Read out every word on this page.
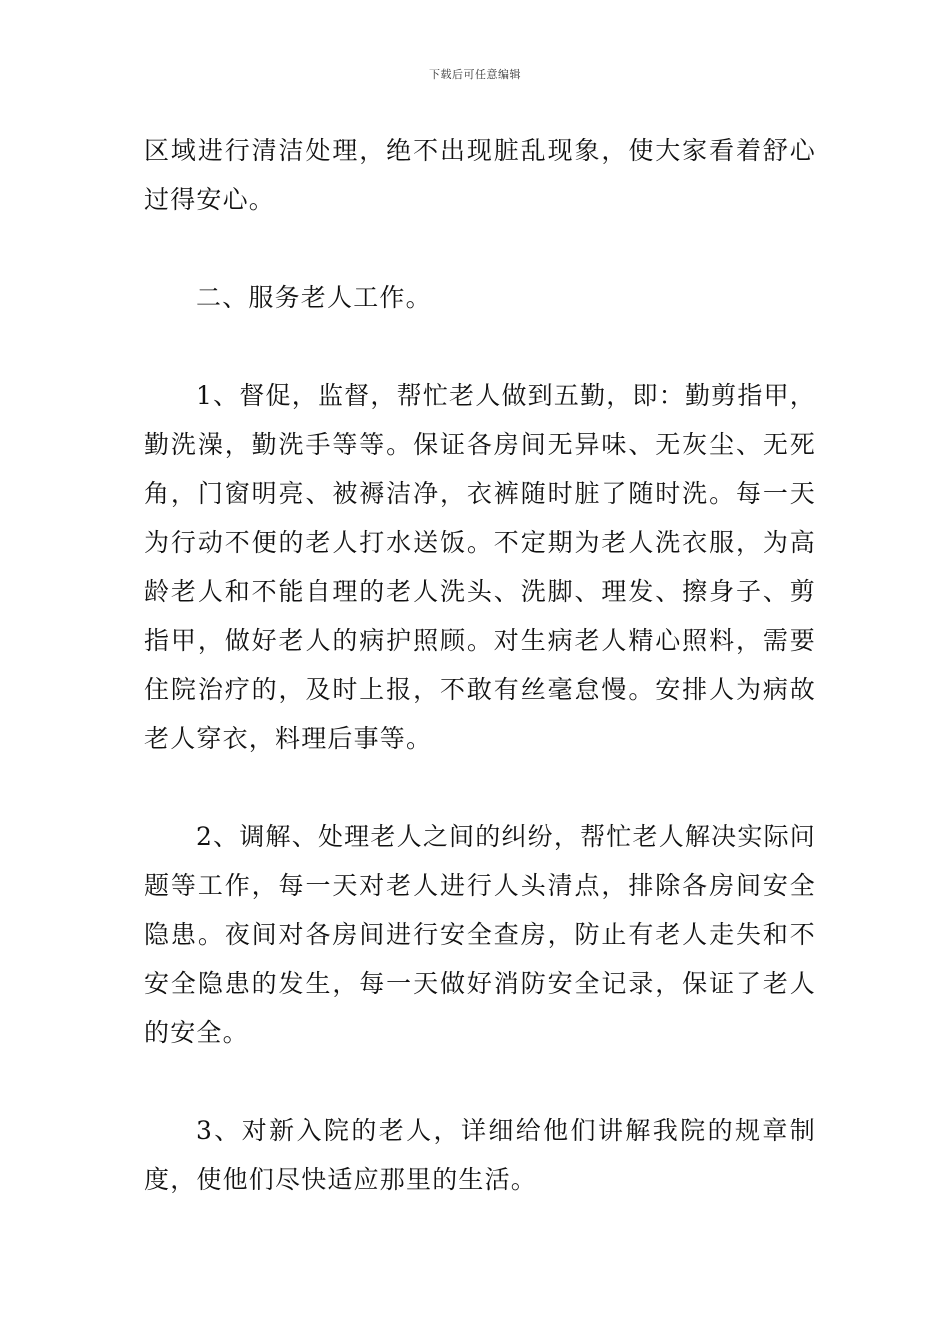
下载后可任意编辑

区域进行清洁处理，绝不出现脏乱现象，使大家看着舒心过得安心。

二、服务老人工作。

1、督促，监督，帮忙老人做到五勤，即：勤剪指甲，勤洗澡，勤洗手等等。保证各房间无异味、无灰尘、无死角，门窗明亮、被褥洁净，衣裤随时脏了随时洗。每一天为行动不便的老人打水送饭。不定期为老人洗衣服，为高龄老人和不能自理的老人洗头、洗脚、理发、擦身子、剪指甲，做好老人的病护照顾。对生病老人精心照料，需要住院治疗的，及时上报，不敢有丝毫怠慢。安排人为病故老人穿衣，料理后事等。

2、调解、处理老人之间的纠纷，帮忙老人解决实际问题等工作，每一天对老人进行人头清点，排除各房间安全隐患。夜间对各房间进行安全查房，防止有老人走失和不安全隐患的发生，每一天做好消防安全记录，保证了老人的安全。

3、对新入院的老人，详细给他们讲解我院的规章制度，使他们尽快适应那里的生活。
